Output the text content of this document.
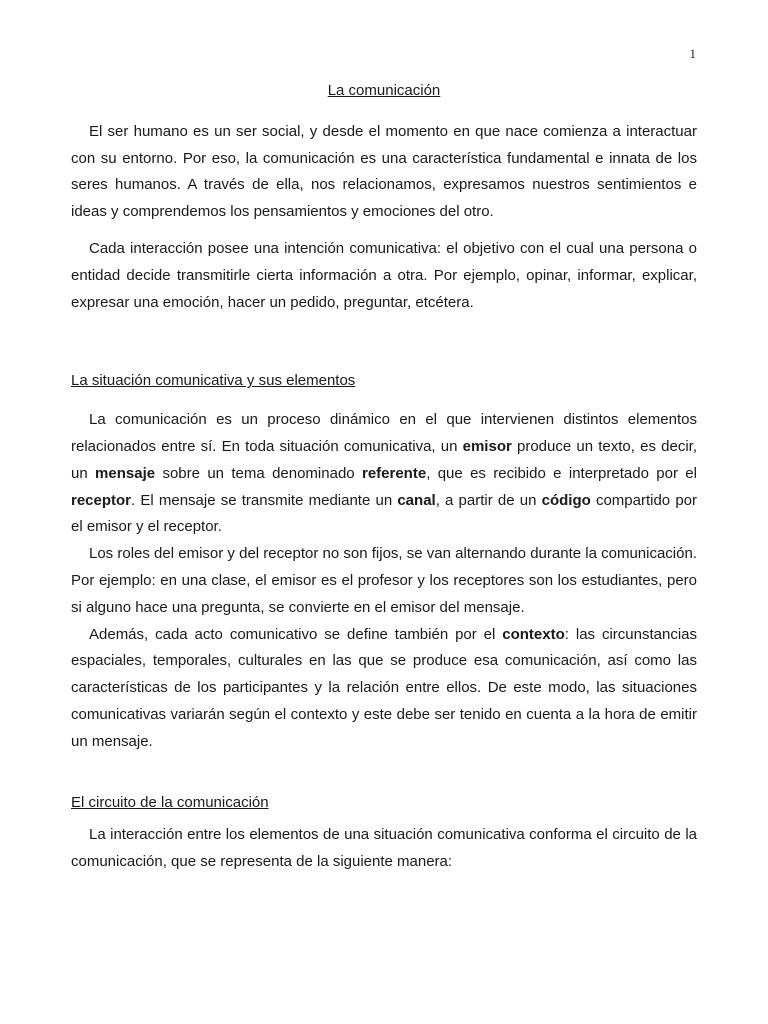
1
La comunicación

El ser humano es un ser social, y desde el momento en que nace comienza a interactuar con su entorno. Por eso, la comunicación es una característica fundamental e innata de los seres humanos. A través de ella, nos relacionamos, expresamos nuestros sentimientos e ideas y comprendemos los pensamientos y emociones del otro.

Cada interacción posee una intención comunicativa: el objetivo con el cual una persona o entidad decide transmitirle cierta información a otra. Por ejemplo, opinar, informar, explicar, expresar una emoción, hacer un pedido, preguntar, etcétera.

La situación comunicativa y sus elementos

La comunicación es un proceso dinámico en el que intervienen distintos elementos relacionados entre sí. En toda situación comunicativa, un emisor produce un texto, es decir, un mensaje sobre un tema denominado referente, que es recibido e interpretado por el receptor. El mensaje se transmite mediante un canal, a partir de un código compartido por el emisor y el receptor.

Los roles del emisor y del receptor no son fijos, se van alternando durante la comunicación. Por ejemplo: en una clase, el emisor es el profesor y los receptores son los estudiantes, pero si alguno hace una pregunta, se convierte en el emisor del mensaje.

Además, cada acto comunicativo se define también por el contexto: las circunstancias espaciales, temporales, culturales en las que se produce esa comunicación, así como las características de los participantes y la relación entre ellos. De este modo, las situaciones comunicativas variarán según el contexto y este debe ser tenido en cuenta a la hora de emitir un mensaje.

El circuito de la comunicación

La interacción entre los elementos de una situación comunicativa conforma el circuito de la comunicación, que se representa de la siguiente manera:
